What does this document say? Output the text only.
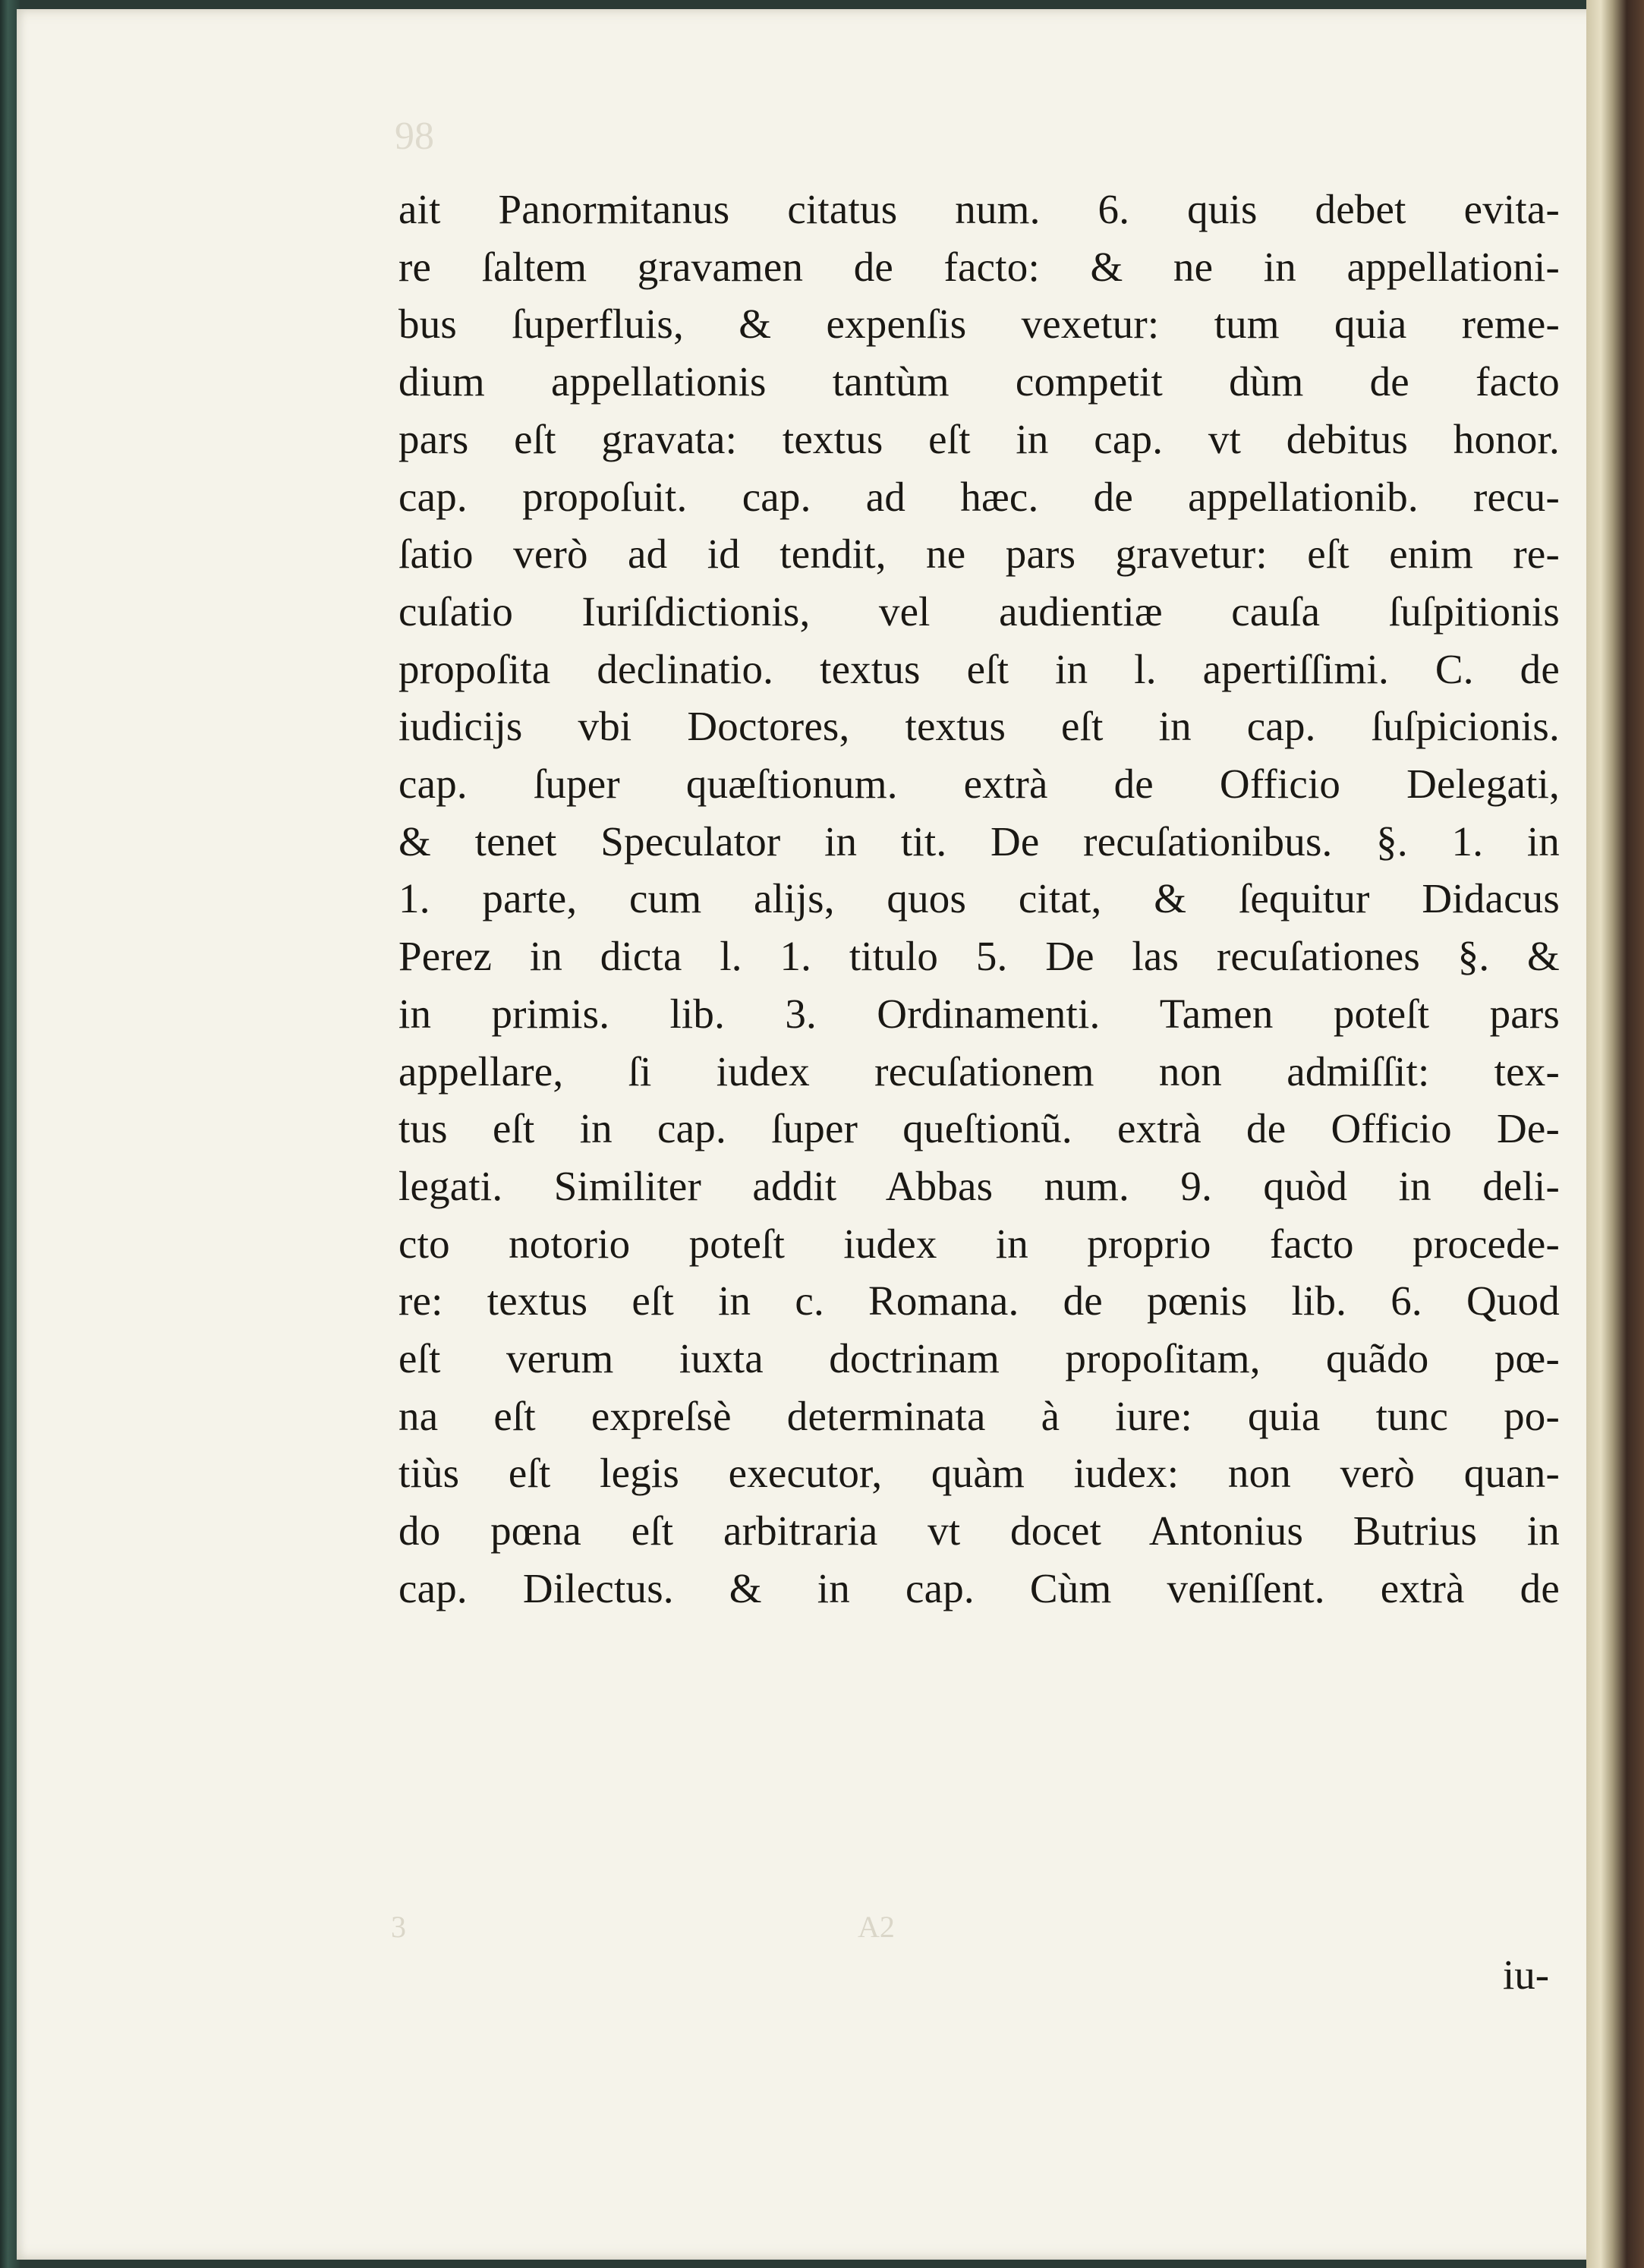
98
ait Panormitanus citatus num. 6. quis debet evita-
re ſaltem gravamen de facto: & ne in appellationi-
bus ſuperfluis, & expenſis vexetur: tum quia reme-
dium appellationis tantùm competit dùm de facto
pars eſt gravata: textus eſt in cap. vt debitus honor.
cap. propoſuit. cap. ad hæc. de appellationib. recu-
ſatio verò ad id tendit, ne pars gravetur: eſt enim re-
cuſatio Iuriſdictionis, vel audientiæ cauſa ſuſpitionis
propoſita declinatio. textus eſt in l. apertiſſimi. C. de
iudicijs vbi Doctores, textus eſt in cap. ſuſpicionis.
cap. ſuper quæſtionum. extrà de Officio Delegati,
& tenet Speculator in tit. De recuſationibus. §. 1. in
1. parte, cum alijs, quos citat, & ſequitur Didacus
Perez in dicta l. 1. titulo 5. De las recuſationes §. &
in primis. lib. 3. Ordinamenti. Tamen poteſt pars
appellare, ſi iudex recuſationem non admiſſit: tex-
tus eſt in cap. ſuper queſtionũ. extrà de Officio De-
legati. Similiter addit Abbas num. 9. quòd in deli-
cto notorio poteſt iudex in proprio facto procede-
re: textus eſt in c. Romana. de pœnis lib. 6. Quod
eſt verum iuxta doctrinam propoſitam, quãdo pœ-
na eſt expreſsè determinata à iure: quia tunc po-
tiùs eſt legis executor, quàm iudex: non verò quan-
do pœna eſt arbitraria vt docet Antonius Butrius in
cap. Dilectus. & in cap. Cùm veniſſent. extrà de
3	A2
iu-
